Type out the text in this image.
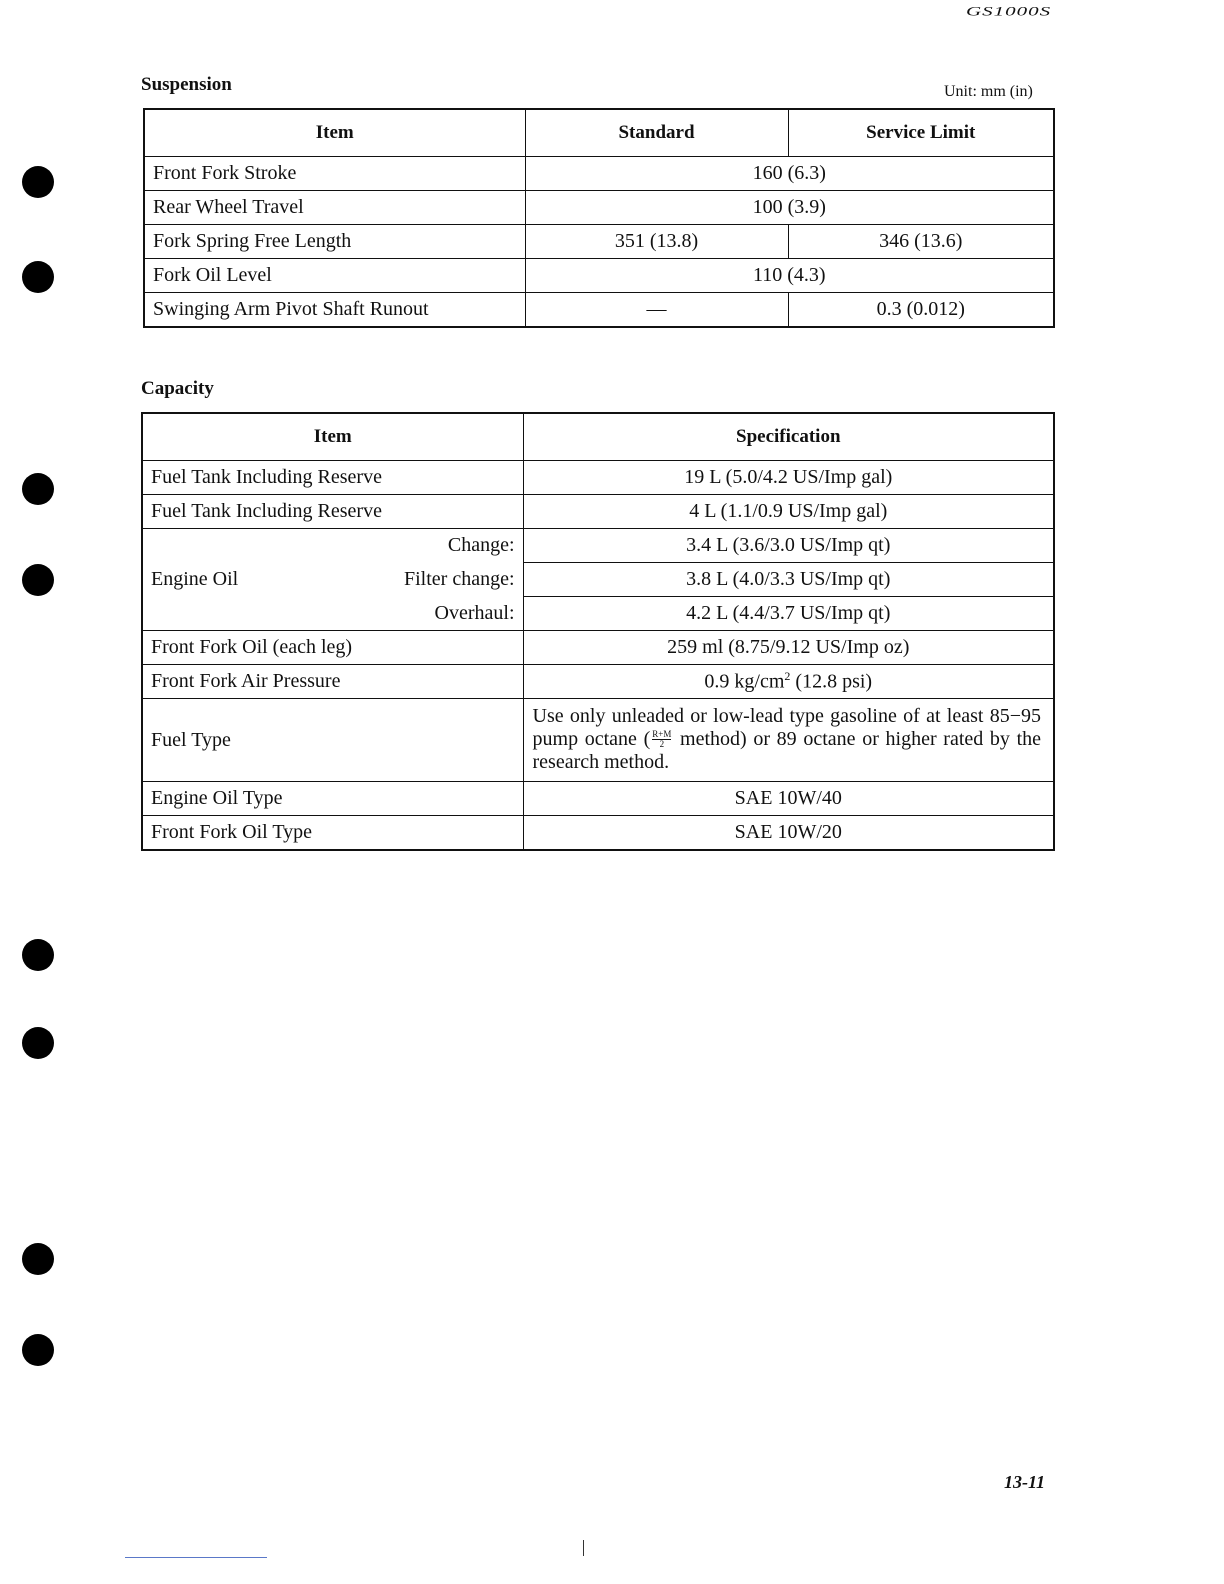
GS1000S
Suspension	Unit: mm (in)
Item	Standard	Service Limit
Front Fork Stroke	160 (6.3)	
Rear Wheel Travel	100 (3.9)	
Fork Spring Free Length	351 (13.8)	346 (13.6)
Fork Oil Level	110 (4.3)	
Swinging Arm Pivot Shaft Runout	—	0.3 (0.012)
Capacity
Item		Specification
Fuel Tank Including Reserve		19 L (5.0/4.2 US/Imp gal)
Fuel Tank Including Reserve		4 L (1.1/0.9 US/Imp gal)
Engine Oil	Change:	3.4 L (3.6/3.0 US/Imp qt)
	Filter change:	3.8 L (4.0/3.3 US/Imp qt)
	Overhaul:	4.2 L (4.4/3.7 US/Imp qt)
Front Fork Oil (each leg)		259 ml (8.75/9.12 US/Imp oz)
Front Fork Air Pressure		0.9 $kg/cm^2$ (12.8 psi)
Fuel Type		Use only unleaded or low-lead type gasoline of at least 85−95 pump octane ( $\frac{R+M}{2}$ method) or 89 octane or higher rated by the research method.
Engine Oil Type		SAE 10W/40
Front Fork Oil Type		SAE 10W/20
13-11
